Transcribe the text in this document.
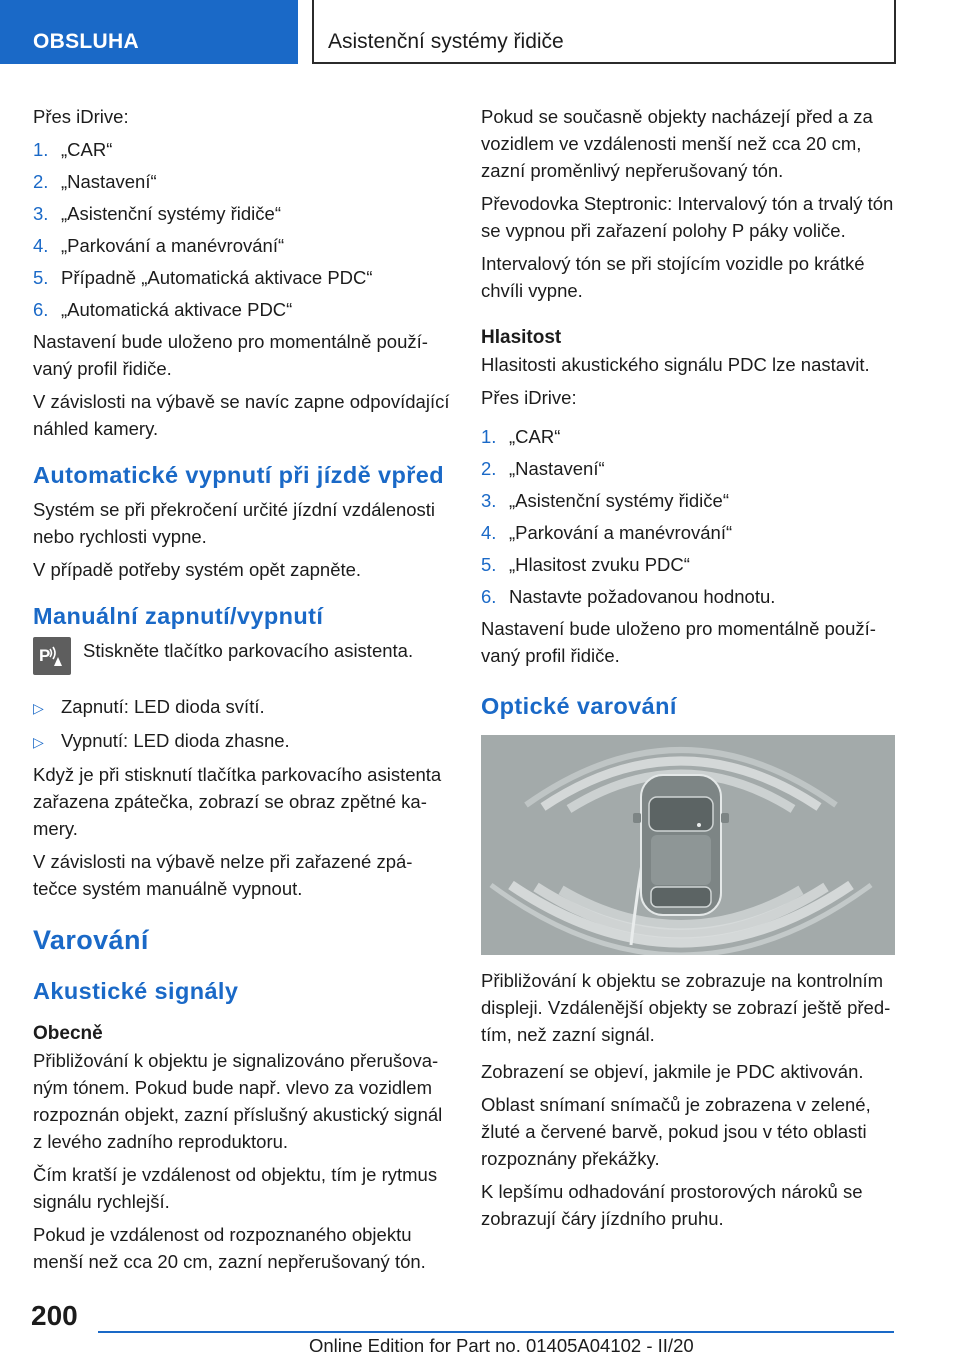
OBSLUHA	Asistenční systémy řidiče
Přes iDrive:
1. „CAR“
2. „Nastavení“
3. „Asistenční systémy řidiče“
4. „Parkování a manévrování“
5. Případně „Automatická aktivace PDC“
6. „Automatická aktivace PDC“
Nastavení bude uloženo pro momentálně použí‐vaný profil řidiče.
V závislosti na výbavě se navíc zapne odpovídající náhled kamery.
Automatické vypnutí při jízdě vpřed
Systém se při překročení určité jízdní vzdálenosti nebo rychlosti vypne.
V případě potřeby systém opět zapněte.
Manuální zapnutí/vypnutí
P Stiskněte tlačítko parkovacího asistenta.
▷ Zapnutí: LED dioda svítí.
▷ Vypnutí: LED dioda zhasne.
Když je při stisknutí tlačítka parkovacího asistenta zařazena zpátečka, zobrazí se obraz zpětné ka‐mery.
V závislosti na výbavě nelze při zařazené zpá‐tečce systém manuálně vypnout.
Varování
Akustické signály
Obecně
Přibližování k objektu je signalizováno přerušova‐ným tónem. Pokud bude např. vlevo za vozidlem rozpoznán objekt, zazní příslušný akustický signál z levého zadního reproduktoru.
Čím kratší je vzdálenost od objektu, tím je rytmus signálu rychlejší.
Pokud je vzdálenost od rozpoznaného objektu menší než cca 20 cm, zazní nepřerušovaný tón.
Pokud se současně objekty nacházejí před a za vozidlem ve vzdálenosti menší než cca 20 cm, zazní proměnlivý nepřerušovaný tón.
Převodovka Steptronic: Intervalový tón a trvalý tón se vypnou při zařazení polohy P páky voliče.
Intervalový tón se při stojícím vozidle po krátké chvíli vypne.
Hlasitost
Hlasitosti akustického signálu PDC lze nastavit.
Přes iDrive:
1. „CAR“
2. „Nastavení“
3. „Asistenční systémy řidiče“
4. „Parkování a manévrování“
5. „Hlasitost zvuku PDC“
6. Nastavte požadovanou hodnotu.
Nastavení bude uloženo pro momentálně použí‐vaný profil řidiče.
Optické varování
Přibližování k objektu se zobrazuje na kontrolním displeji. Vzdálenější objekty se zobrazí ještě před‐tím, než zazní signál.
Zobrazení se objeví, jakmile je PDC aktivován.
Oblast snímaní snímačů je zobrazena v zelené, žluté a červené barvě, pokud jsou v této oblasti rozpoznány překážky.
K lepšímu odhadování prostorových nároků se zobrazují čáry jízdního pruhu.
200
Online Edition for Part no. 01405A04102 - II/20
